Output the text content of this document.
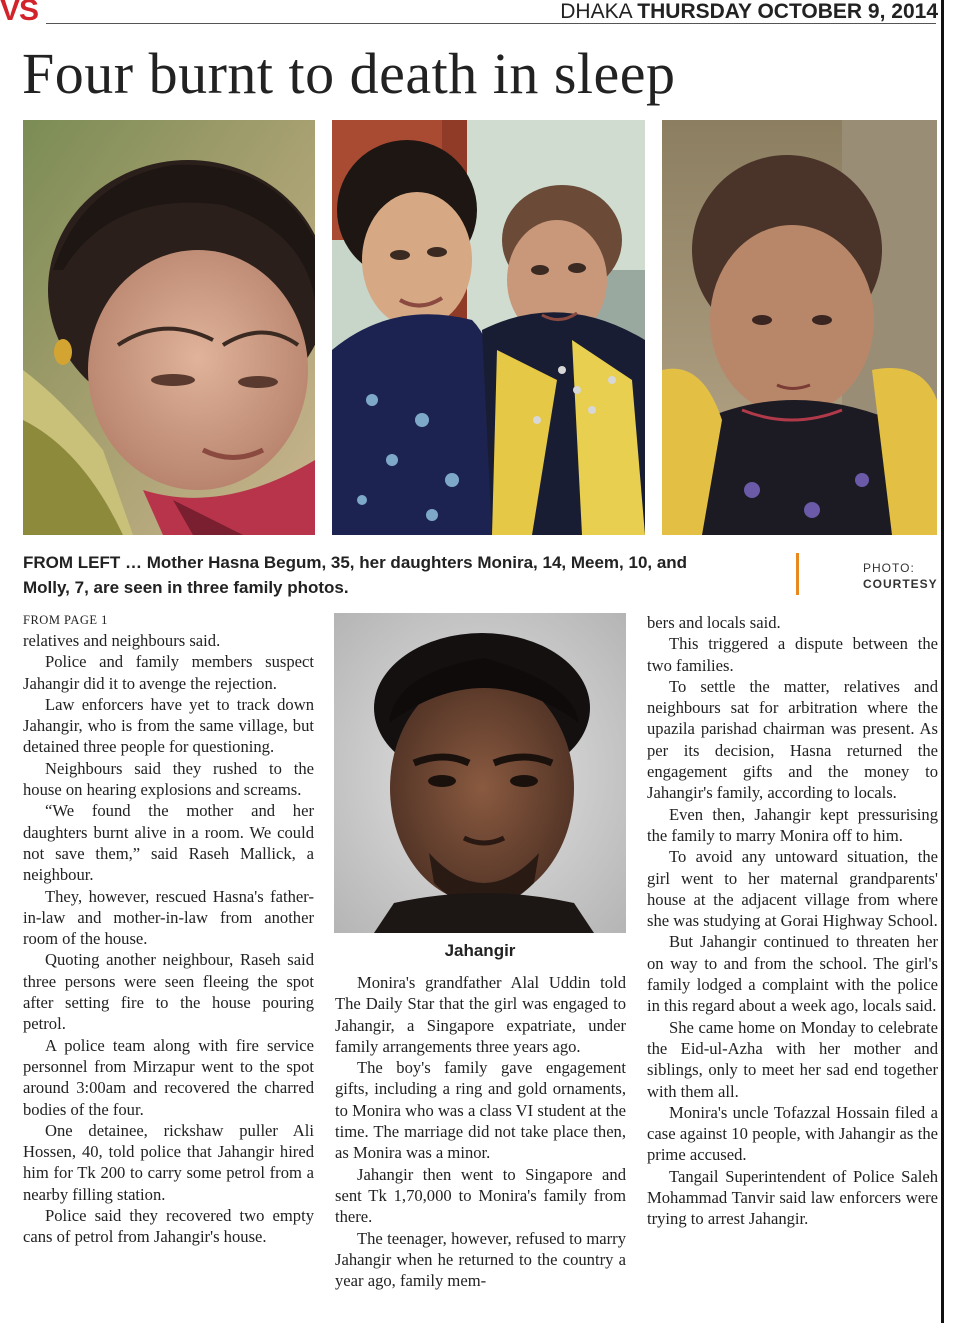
VS	DHAKA THURSDAY OCTOBER 9, 2014
Four burnt to death in sleep
FROM LEFT … Mother Hasna Begum, 35, her daughters Monira, 14, Meem, 10, and Molly, 7, are seen in three family photos.
PHOTO:
COURTESY
FROM PAGE 1

relatives and neighbours said.

Police and family members suspect Jahangir did it to avenge the rejection.

Law enforcers have yet to track down Jahangir, who is from the same village, but detained three people for questioning.

Neighbours said they rushed to the house on hearing explosions and screams.

“We found the mother and her daughters burnt alive in a room. We could not save them,” said Raseh Mallick, a neighbour.

They, however, rescued Hasna's father-in-law and mother-in-law from another room of the house.

Quoting another neighbour, Raseh said three persons were seen fleeing the spot after setting fire to the house pouring petrol.

A police team along with fire service personnel from Mirzapur went to the spot around 3:00am and recovered the charred bodies of the four.

One detainee, rickshaw puller Ali Hossen, 40, told police that Jahangir hired him for Tk 200 to carry some petrol from a nearby filling station.

Police said they recovered two empty cans of petrol from Jahangir's house.

Jahangir

Monira's grandfather Alal Uddin told The Daily Star that the girl was engaged to Jahangir, a Singapore expatriate, under family arrangements three years ago.

The boy's family gave engagement gifts, including a ring and gold ornaments, to Monira who was a class VI student at the time. The marriage did not take place then, as Monira was a minor.

Jahangir then went to Singapore and sent Tk 1,70,000 to Monira's family from there.

The teenager, however, refused to marry Jahangir when he returned to the country a year ago, family mem-

bers and locals said.

This triggered a dispute between the two families.

To settle the matter, relatives and neighbours sat for arbitration where the upazila parishad chairman was present. As per its decision, Hasna returned the engagement gifts and the money to Jahangir's family, according to locals.

Even then, Jahangir kept pressurising the family to marry Monira off to him.

To avoid any untoward situation, the girl went to her maternal grandparents' house at the adjacent village from where she was studying at Gorai Highway School.

But Jahangir continued to threaten her on way to and from the school. The girl's family lodged a complaint with the police in this regard about a week ago, locals said.

She came home on Monday to celebrate the Eid-ul-Azha with her mother and siblings, only to meet her sad end together with them all.

Monira's uncle Tofazzal Hossain filed a case against 10 people, with Jahangir as the prime accused.

Tangail Superintendent of Police Saleh Mohammad Tanvir said law enforcers were trying to arrest Jahangir.
